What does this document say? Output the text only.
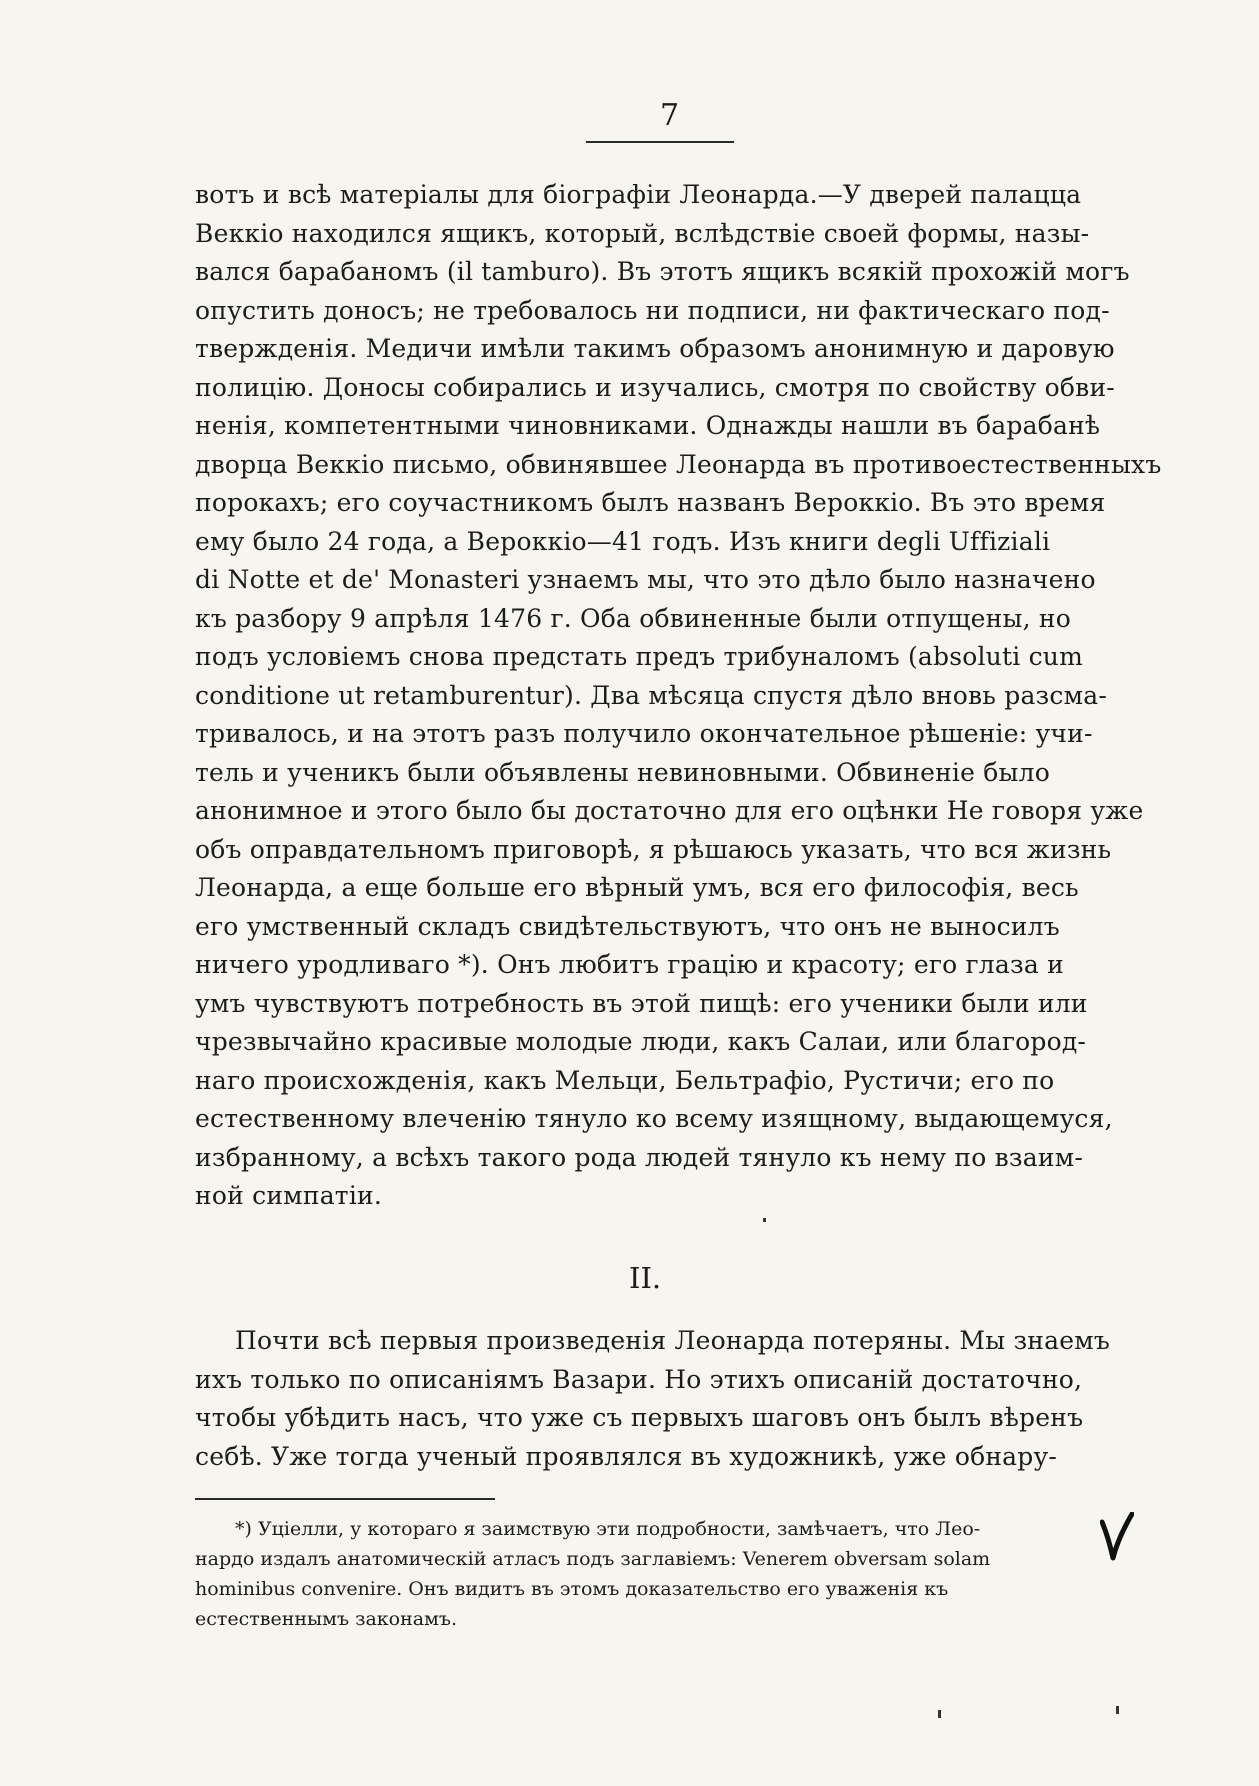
7
вотъ и всѣ матеріалы для біографіи Леонарда.—У дверей палацца
Веккіо находился ящикъ, который, вслѣдствіе своей формы, назы-
вался барабаномъ (il tamburo). Въ этотъ ящикъ всякій прохожій могъ
опустить доносъ; не требовалось ни подписи, ни фактическаго под-
твержденія. Медичи имѣли такимъ образомъ анонимную и даровую
полицію. Доносы собирались и изучались, смотря по свойству обви-
ненія, компетентными чиновниками. Однажды нашли въ барабанѣ
дворца Веккіо письмо, обвинявшее Леонарда въ противоестественныхъ
порокахъ; его соучастникомъ былъ названъ Вероккіо. Въ это время
ему было 24 года, а Вероккіо—41 годъ. Изъ книги degli Uffiziali
di Notte et de' Monasteri узнаемъ мы, что это дѣло было назначено
къ разбору 9 апрѣля 1476 г. Оба обвиненные были отпущены, но
подъ условіемъ снова предстать предъ трибуналомъ (absoluti cum
conditione ut retamburentur). Два мѣсяца спустя дѣло вновь разсма-
тривалось, и на этотъ разъ получило окончательное рѣшеніе: учи-
тель и ученикъ были объявлены невиновными. Обвиненіе было
анонимное и этого было бы достаточно для его оцѣнки Не говоря уже
объ оправдательномъ приговорѣ, я рѣшаюсь указать, что вся жизнь
Леонарда, а еще больше его вѣрный умъ, вся его философія, весь
его умственный складъ свидѣтельствуютъ, что онъ не выносилъ
ничего уродливаго *). Онъ любитъ грацію и красоту; его глаза и
умъ чувствуютъ потребность въ этой пищѣ: его ученики были или
чрезвычайно красивые молодые люди, какъ Салаи, или благород-
наго происхожденія, какъ Мельци, Бельтрафіо, Рустичи; его по
естественному влеченію тянуло ко всему изящному, выдающемуся,
избранному, а всѣхъ такого рода людей тянуло къ нему по взаим-
ной симпатіи.
II.
Почти всѣ первыя произведенія Леонарда потеряны. Мы знаемъ
ихъ только по описаніямъ Вазари. Но этихъ описаній достаточно,
чтобы убѣдить насъ, что уже съ первыхъ шаговъ онъ былъ вѣренъ
себѣ. Уже тогда ученый проявлялся въ художникѣ, уже обнару-
*) Уціелли, у котораго я заимствую эти подробности, замѣчаетъ, что Лео-
нардо издалъ анатомическій атласъ подъ заглавіемъ: Venerem obversam solam
hominibus convenire. Онъ видитъ въ этомъ доказательство его уваженія къ
естественнымъ законамъ.
